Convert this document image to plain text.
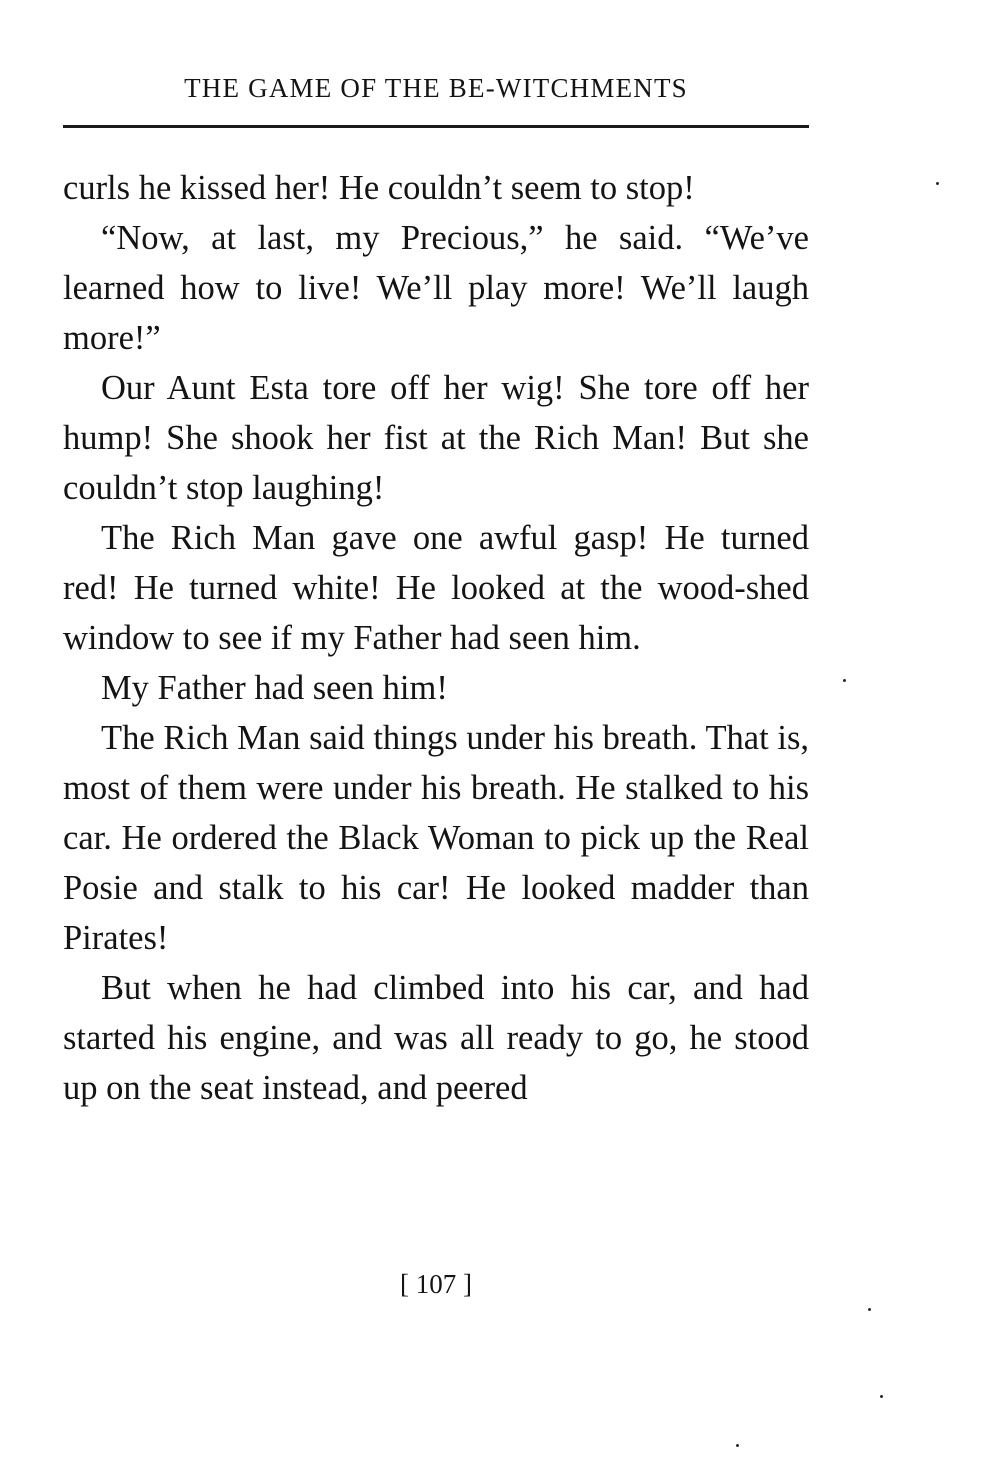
THE GAME OF THE BE-WITCHMENTS

curls he kissed her! He couldn’t seem to stop!

“Now, at last, my Precious,” he said. “We’ve learned how to live! We’ll play more! We’ll laugh more!”

Our Aunt Esta tore off her wig! She tore off her hump! She shook her fist at the Rich Man! But she couldn’t stop laughing!

The Rich Man gave one awful gasp! He turned red! He turned white! He looked at the wood-shed window to see if my Father had seen him.

My Father had seen him!

The Rich Man said things under his breath. That is, most of them were under his breath. He stalked to his car. He ordered the Black Woman to pick up the Real Posie and stalk to his car! He looked madder than Pirates!

But when he had climbed into his car, and had started his engine, and was all ready to go, he stood up on the seat instead, and peered

[ 107 ]
